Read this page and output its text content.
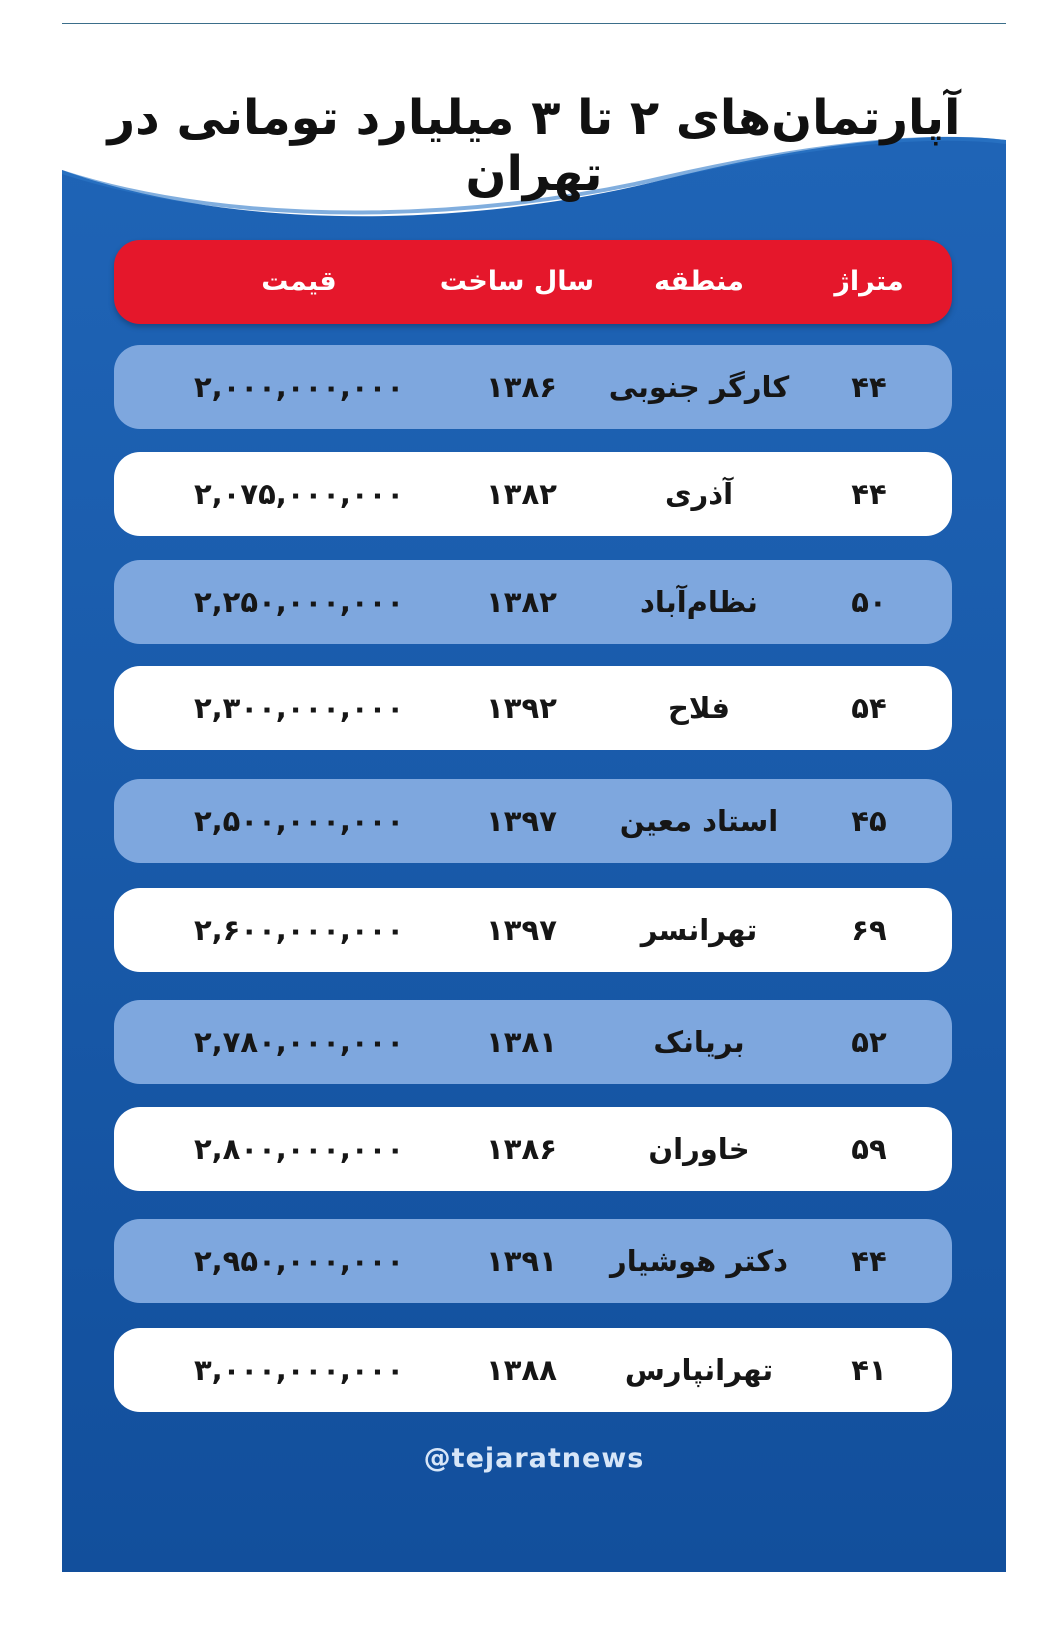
آپارتمان‌های ۲ تا ۳ میلیارد تومانی در تهران
متراژ
منطقه
سال ساخت
قیمت
۴۴
کارگر جنوبی
۱۳۸۶
۲,۰۰۰,۰۰۰,۰۰۰
۴۴
آذری
۱۳۸۲
۲,۰۷۵,۰۰۰,۰۰۰
۵۰
نظام‌آباد
۱۳۸۲
۲,۲۵۰,۰۰۰,۰۰۰
۵۴
فلاح
۱۳۹۲
۲,۳۰۰,۰۰۰,۰۰۰
۴۵
استاد معین
۱۳۹۷
۲,۵۰۰,۰۰۰,۰۰۰
۶۹
تهرانسر
۱۳۹۷
۲,۶۰۰,۰۰۰,۰۰۰
۵۲
بریانک
۱۳۸۱
۲,۷۸۰,۰۰۰,۰۰۰
۵۹
خاوران
۱۳۸۶
۲,۸۰۰,۰۰۰,۰۰۰
۴۴
دکتر هوشیار
۱۳۹۱
۲,۹۵۰,۰۰۰,۰۰۰
۴۱
تهرانپارس
۱۳۸۸
۳,۰۰۰,۰۰۰,۰۰۰
@tejaratnews
